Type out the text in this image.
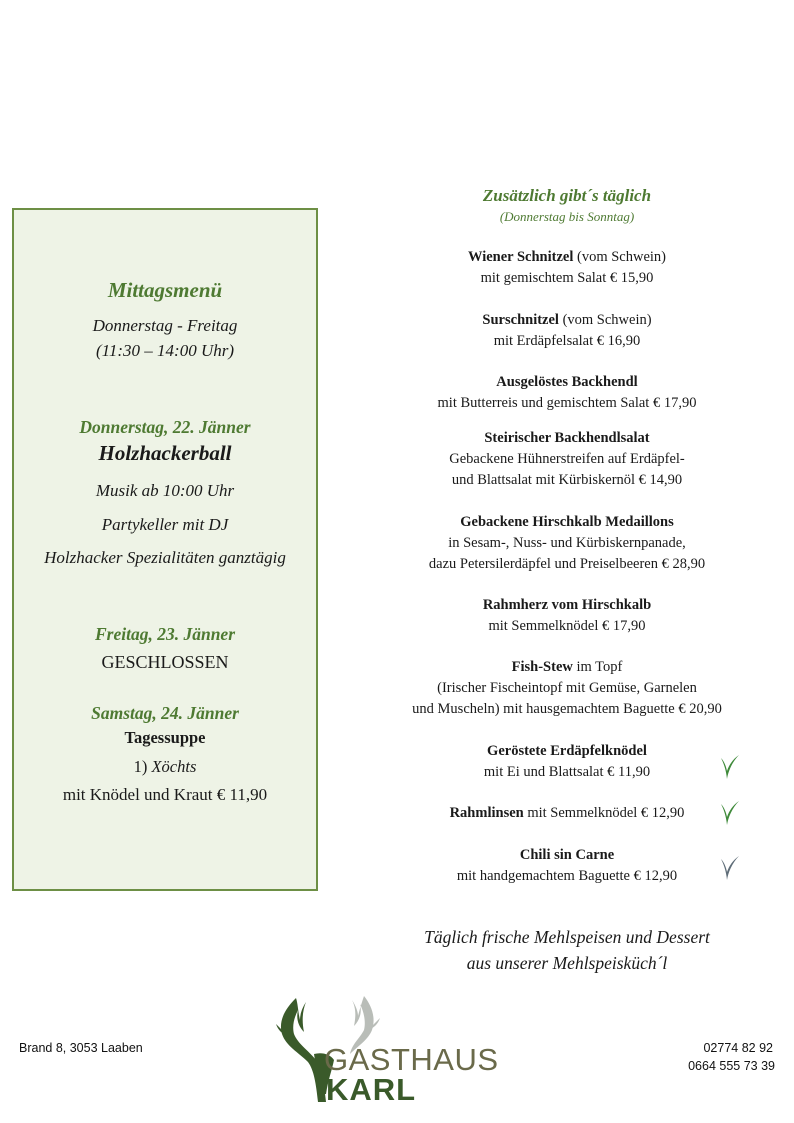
Mittagsmenü
Donnerstag - Freitag
(11:30 – 14:00 Uhr)
Donnerstag, 22. Jänner
Holzhackerball
Musik ab 10:00 Uhr
Partykeller mit DJ
Holzhacker Spezialitäten ganztägig
Freitag, 23. Jänner
GESCHLOSSEN
Samstag, 24. Jänner
Tagessuppe
1) Xöchts
mit Knödel und Kraut € 11,90
Zusätzlich gibt´s täglich
(Donnerstag bis Sonntag)
Wiener Schnitzel (vom Schwein)
mit gemischtem Salat € 15,90
Surschnitzel (vom Schwein)
mit Erdäpfelsalat € 16,90
Ausgelöstes Backhendl
mit Butterreis und gemischtem Salat € 17,90
Steirischer Backhendlsalat
Gebackene Hühnerstreifen auf Erdäpfel-
und Blattsalat mit Kürbiskernöl € 14,90
Gebackene Hirschkalb Medaillons
in Sesam-, Nuss- und Kürbiskernpanade,
dazu Petersilerdäpfel und Preiselbeeren € 28,90
Rahmherz vom Hirschkalb
mit Semmelknödel € 17,90
Fish-Stew im Topf
(Irischer Fischeintopf mit Gemüse, Garnelen
und Muscheln) mit hausgemachtem Baguette € 20,90
Geröstete Erdäpfelknödel
mit Ei und Blattsalat € 11,90
Rahmlinsen mit Semmelknödel € 12,90
Chili sin Carne
mit handgemachtem Baguette € 12,90
Täglich frische Mehlspeisen und Dessert
aus unserer Mehlspeisküch´l
Brand 8, 3053 Laaben	02774 82 92
0664 555 73 39
GASTHAUS
KARL
